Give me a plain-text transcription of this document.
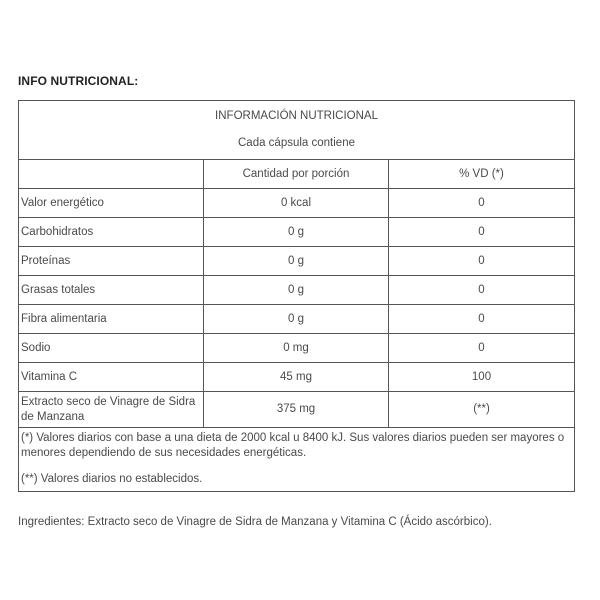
INFO NUTRICIONAL:
INFORMACIÓN NUTRICIONAL
Cada cápsula contiene		

	Cantidad por porción	% VD (*)
Valor energético	0 kcal	0
Carbohidratos	0 g	0
Proteínas	0 g	0
Grasas totales	0 g	0
Fibra alimentaria	0 g	0
Sodio	0 mg	0
Vitamina C	45 mg	100
Extracto seco de Vinagre de Sidra de Manzana	375 mg	(**)

(*) Valores diarios con base a una dieta de 2000 kcal u 8400 kJ. Sus valores diarios pueden ser mayores o menores dependiendo de sus necesidades energéticas.
(**) Valores diarios no establecidos.		
Ingredientes: Extracto seco de Vinagre de Sidra de Manzana y Vitamina C (Ácido ascórbico).
